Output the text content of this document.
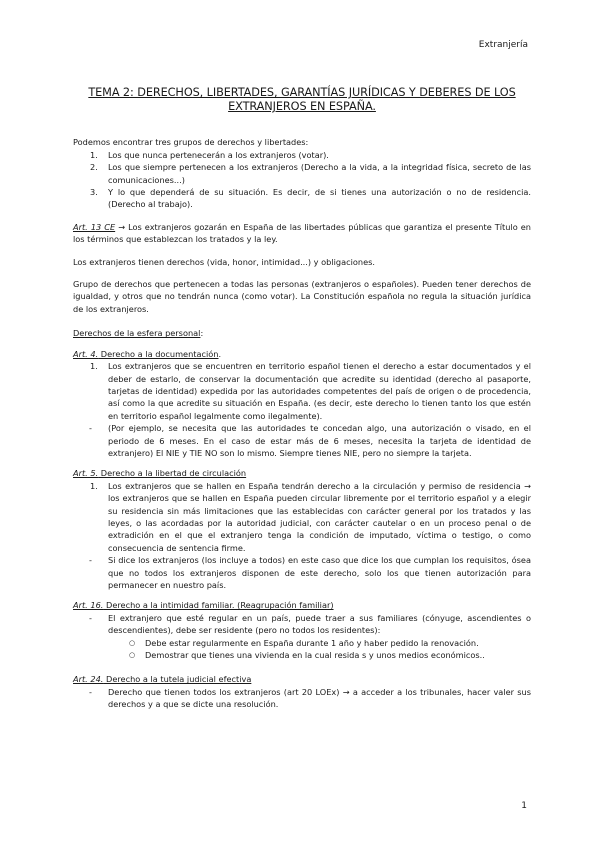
Extranjería

TEMA 2: DERECHOS, LIBERTADES, GARANTÍAS JURÍDICAS Y DEBERES DE LOS EXTRANJEROS EN ESPAÑA.

Podemos encontrar tres grupos de derechos y libertades:

1. Los que nunca pertenecerán a los extranjeros (votar).
2. Los que siempre pertenecen a los extranjeros (Derecho a la vida, a la integridad física, secreto de las comunicaciones...)
3. Y lo que dependerá de su situación. Es decir, de si tienes una autorización o no de residencia. (Derecho al trabajo).

Art. 13 CE → Los extranjeros gozarán en España de las libertades públicas que garantiza el presente Título en los términos que establezcan los tratados y la ley.

Los extranjeros tienen derechos (vida, honor, intimidad...) y obligaciones.

Grupo de derechos que pertenecen a todas las personas (extranjeros o españoles). Pueden tener derechos de igualdad, y otros que no tendrán nunca (como votar). La Constitución española no regula la situación jurídica de los extranjeros.

Derechos de la esfera personal:

Art. 4. Derecho a la documentación.

1. Los extranjeros que se encuentren en territorio español tienen el derecho a estar documentados y el deber de estarlo, de conservar la documentación que acredite su identidad (derecho al pasaporte, tarjetas de identidad) expedida por las autoridades competentes del país de origen o de procedencia, así como la que acredite su situación en España. (es decir, este derecho lo tienen tanto los que estén en territorio español legalmente como ilegalmente).
- (Por ejemplo, se necesita que las autoridades te concedan algo, una autorización o visado, en el periodo de 6 meses. En el caso de estar más de 6 meses, necesita la tarjeta de identidad de extranjero) El NIE y TIE NO son lo mismo. Siempre tienes NIE, pero no siempre la tarjeta.

Art. 5. Derecho a la libertad de circulación

1. Los extranjeros que se hallen en España tendrán derecho a la circulación y permiso de residencia → los extranjeros que se hallen en España pueden circular libremente por el territorio español y a elegir su residencia sin más limitaciones que las establecidas con carácter general por los tratados y las leyes, o las acordadas por la autoridad judicial, con carácter cautelar o en un proceso penal o de extradición en el que el extranjero tenga la condición de imputado, víctima o testigo, o como consecuencia de sentencia firme.
- Si dice los extranjeros (los incluye a todos) en este caso que dice los que cumplan los requisitos, ósea que no todos los extranjeros disponen de este derecho, solo los que tienen autorización para permanecer en nuestro país.

Art. 16. Derecho a la intimidad familiar. (Reagrupación familiar)

- El extranjero que esté regular en un país, puede traer a sus familiares (cónyuge, ascendientes o descendientes), debe ser residente (pero no todos los residentes):
○ Debe estar regularmente en España durante 1 año y haber pedido la renovación.
○ Demostrar que tienes una vivienda en la cual resida s y unos medios económicos..

Art. 24. Derecho a la tutela judicial efectiva

- Derecho que tienen todos los extranjeros (art 20 LOEx) → a acceder a los tribunales, hacer valer sus derechos y a que se dicte una resolución.
1
